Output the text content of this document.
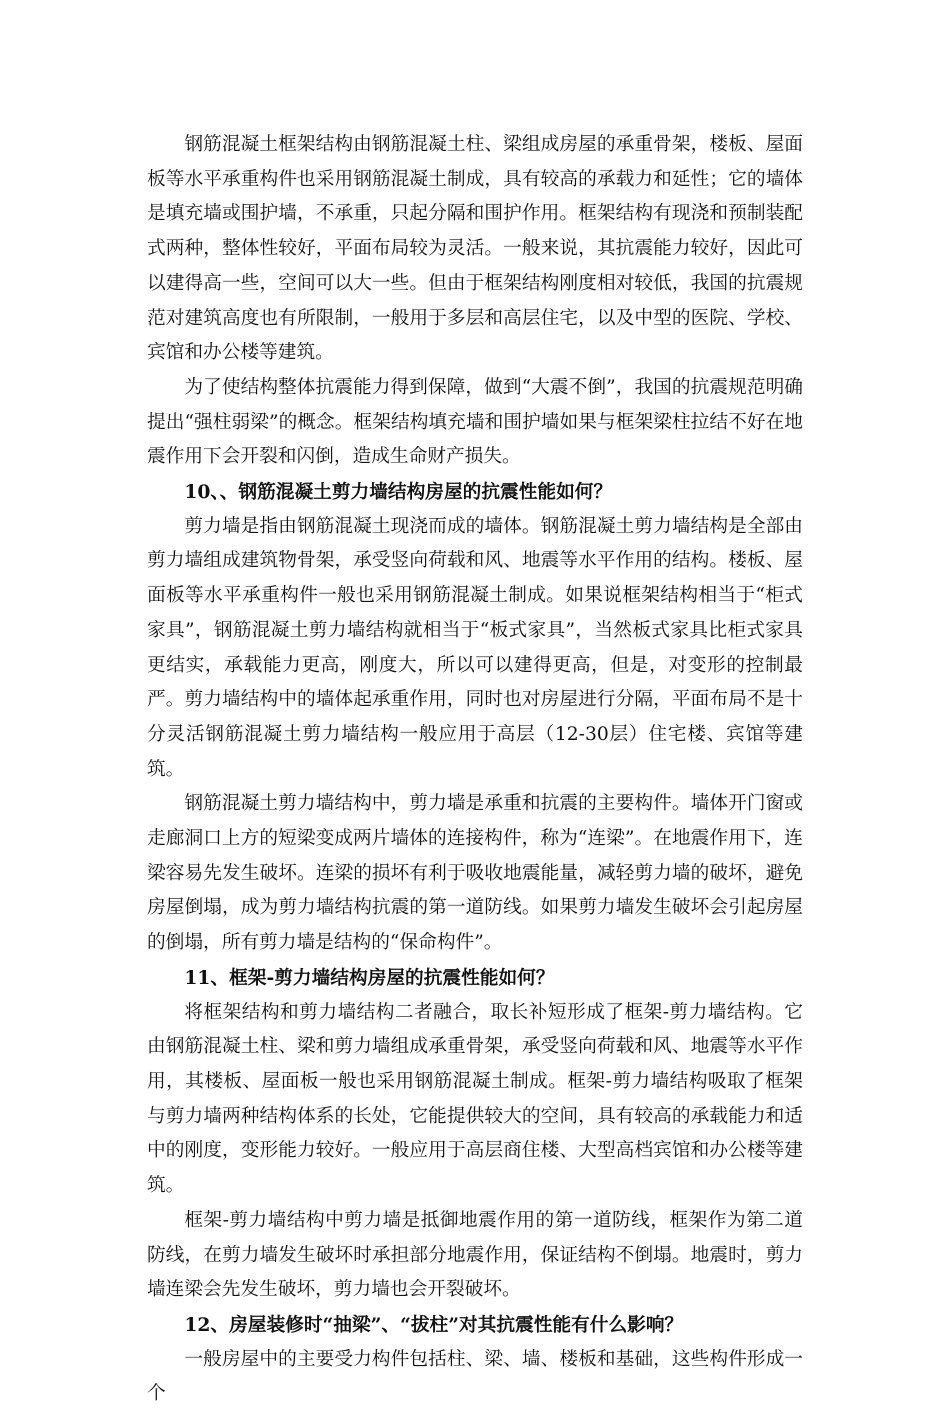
钢筋混凝土框架结构由钢筋混凝土柱、梁组成房屋的承重骨架，楼板、屋面板等水平承重构件也采用钢筋混凝土制成，具有较高的承载力和延性；它的墙体是填充墙或围护墙，不承重，只起分隔和围护作用。框架结构有现浇和预制装配式两种，整体性较好，平面布局较为灵活。一般来说，其抗震能力较好，因此可以建得高一些，空间可以大一些。但由于框架结构刚度相对较低，我国的抗震规范对建筑高度也有所限制，一般用于多层和高层住宅，以及中型的医院、学校、宾馆和办公楼等建筑。

为了使结构整体抗震能力得到保障，做到“大震不倒”，我国的抗震规范明确提出“强柱弱梁”的概念。框架结构填充墙和围护墙如果与框架梁柱拉结不好在地震作用下会开裂和闪倒，造成生命财产损失。

10、、钢筋混凝土剪力墙结构房屋的抗震性能如何？

剪力墙是指由钢筋混凝土现浇而成的墙体。钢筋混凝土剪力墙结构是全部由剪力墙组成建筑物骨架，承受竖向荷载和风、地震等水平作用的结构。楼板、屋面板等水平承重构件一般也采用钢筋混凝土制成。如果说框架结构相当于“柜式家具”，钢筋混凝土剪力墙结构就相当于“板式家具”，当然板式家具比柜式家具更结实，承载能力更高，刚度大，所以可以建得更高，但是，对变形的控制最严。剪力墙结构中的墙体起承重作用，同时也对房屋进行分隔，平面布局不是十分灵活钢筋混凝土剪力墙结构一般应用于高层（12-30层）住宅楼、宾馆等建筑。

钢筋混凝土剪力墙结构中，剪力墙是承重和抗震的主要构件。墙体开门窗或走廊洞口上方的短梁变成两片墙体的连接构件，称为“连梁”。在地震作用下，连梁容易先发生破坏。连梁的损坏有利于吸收地震能量，减轻剪力墙的破坏，避免房屋倒塌，成为剪力墙结构抗震的第一道防线。如果剪力墙发生破坏会引起房屋的倒塌，所有剪力墙是结构的“保命构件”。

11、框架-剪力墙结构房屋的抗震性能如何？

将框架结构和剪力墙结构二者融合，取长补短形成了框架-剪力墙结构。它由钢筋混凝土柱、梁和剪力墙组成承重骨架，承受竖向荷载和风、地震等水平作用，其楼板、屋面板一般也采用钢筋混凝土制成。框架-剪力墙结构吸取了框架与剪力墙两种结构体系的长处，它能提供较大的空间，具有较高的承载能力和适中的刚度，变形能力较好。一般应用于高层商住楼、大型高档宾馆和办公楼等建筑。

框架-剪力墙结构中剪力墙是抵御地震作用的第一道防线，框架作为第二道防线，在剪力墙发生破坏时承担部分地震作用，保证结构不倒塌。地震时，剪力墙连梁会先发生破坏，剪力墙也会开裂破坏。

12、房屋装修时“抽梁”、“拔柱”对其抗震性能有什么影响？

一般房屋中的主要受力构件包括柱、梁、墙、楼板和基础，这些构件形成一个
